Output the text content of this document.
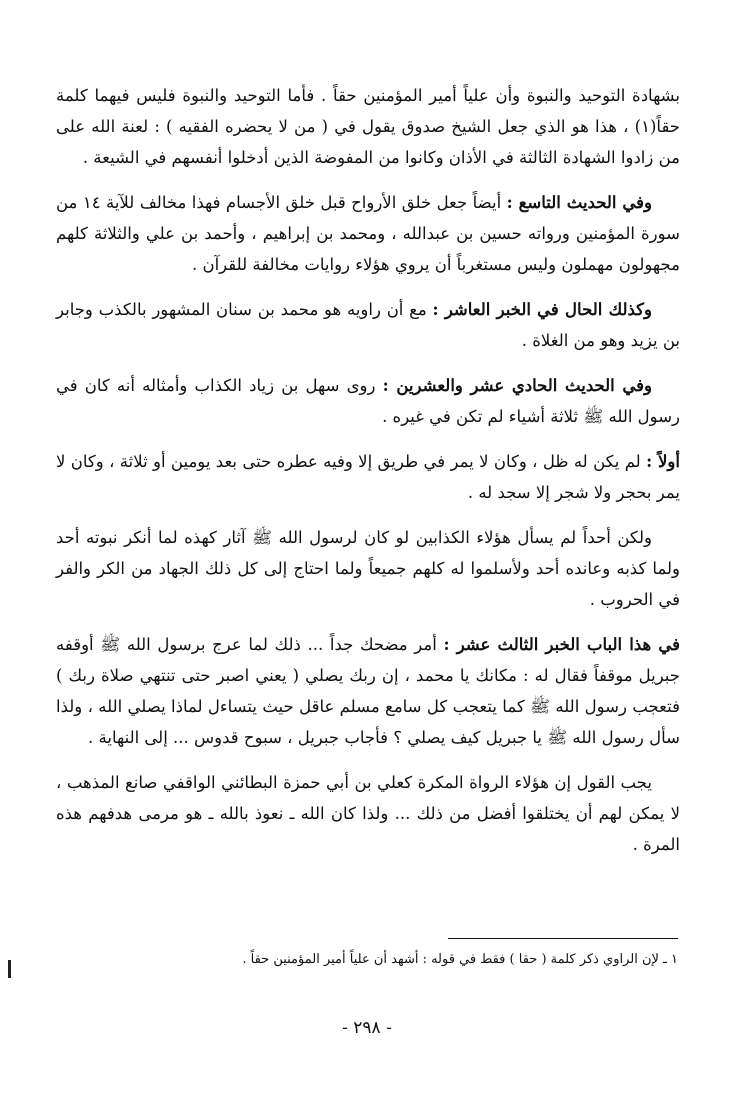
بشهادة التوحيد والنبوة وأن علياً أمير المؤمنين حقاً . فأما التوحيد والنبوة فليس فيهما كلمة حقاً(١) ، هذا هو الذي جعل الشيخ صدوق يقول في ( من لا يحضره الفقيه ) : لعنة الله على من زادوا الشهادة الثالثة في الأذان وكانوا من المفوضة الذين أدخلوا أنفسهم في الشيعة .

وفي الحديث التاسع : أيضاً جعل خلق الأرواح قبل خلق الأجسام فهذا مخالف للآية ١٤ من سورة المؤمنين ورواته حسين بن عبدالله ، ومحمد بن إبراهيم ، وأحمد بن علي والثلاثة كلهم مجهولون مهملون وليس مستغرباً أن يروي هؤلاء روايات مخالفة للقرآن .

وكذلك الحال في الخبر العاشر : مع أن راويه هو محمد بن سنان المشهور بالكذب وجابر بن يزيد وهو من الغلاة .

وفي الحديث الحادي عشر والعشرين : روى سهل بن زياد الكذاب وأمثاله أنه كان في رسول الله ﷺ ثلاثة أشياء لم تكن في غيره .

أولاً : لم يكن له ظل ، وكان لا يمر في طريق إلا وفيه عطره حتى بعد يومين أو ثلاثة ، وكان لا يمر بحجر ولا شجر إلا سجد له .

ولكن أحداً لم يسأل هؤلاء الكذابين لو كان لرسول الله ﷺ آثار كهذه لما أنكر نبوته أحد ولما كذبه وعانده أحد ولأسلموا له كلهم جميعاً ولما احتاج إلى كل ذلك الجهاد من الكر والفر في الحروب .

في هذا الباب الخبر الثالث عشر : أمر مضحك جداً ... ذلك لما عرج برسول الله ﷺ أوقفه جبريل موقفاً فقال له : مكانك يا محمد ، إن ربك يصلي ( يعني اصبر حتى تنتهي صلاة ربك ) فتعجب رسول الله ﷺ كما يتعجب كل سامع مسلم عاقل حيث يتساءل لماذا يصلي الله ، ولذا سأل رسول الله ﷺ يا جبريل كيف يصلي ؟ فأجاب جبريل ، سبوح قدوس ... إلى النهاية .

يجب القول إن هؤلاء الرواة المكرة كعلي بن أبي حمزة البطائني الواقفي صانع المذهب ، لا يمكن لهم أن يختلقوا أفضل من ذلك ... ولذا كان الله ـ نعوذ بالله ـ هو مرمى هدفهم هذه المرة .

١ ـ لإن الراوي ذكر كلمة ( حقا ) فقط في قوله : أشهد أن علياً أمير المؤمنين حقاً .
- ٢٩٨ -
